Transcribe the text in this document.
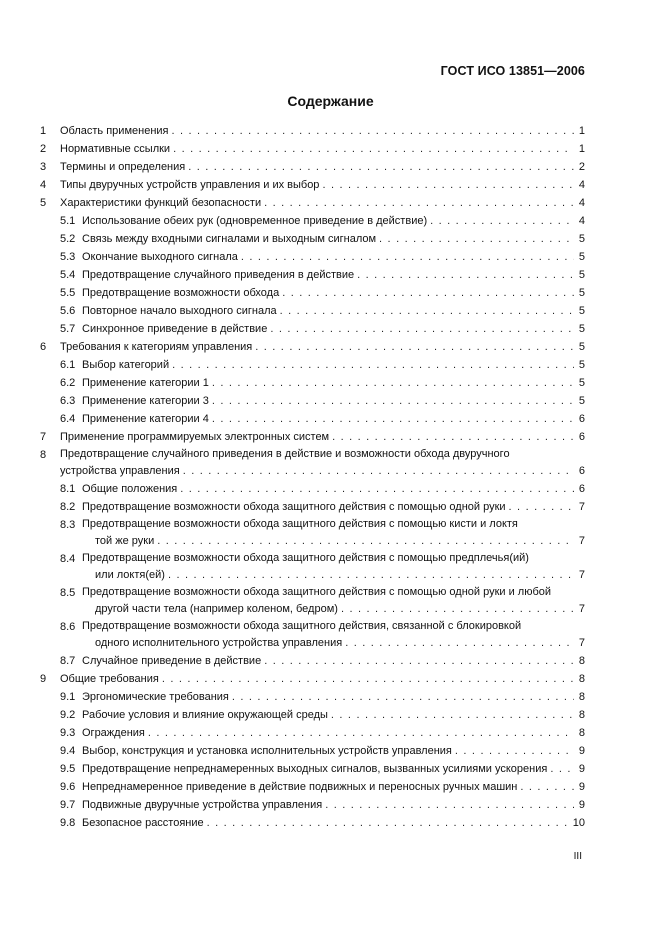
ГОСТ ИСО 13851—2006
Содержание
1 Область применения . . .	1
2 Нормативные ссылки . . .	1
3 Термины и определения . . .	2
4 Типы двуручных устройств управления и их выбор . . .	4
5 Характеристики функций безопасности . . .	4
5.1 Использование обеих рук (одновременное приведение в действие) . . .	4
5.2 Связь между входными сигналами и выходным сигналом . . .	5
5.3 Окончание выходного сигнала . . .	5
5.4 Предотвращение случайного приведения в действие . . .	5
5.5 Предотвращение возможности обхода . . .	5
5.6 Повторное начало выходного сигнала . . .	5
5.7 Синхронное приведение в действие . . .	5
6 Требования к категориям управления . . .	5
6.1 Выбор категорий . . .	5
6.2 Применение категории 1 . . .	5
6.3 Применение категории 3 . . .	5
6.4 Применение категории 4 . . .	6
7 Применение программируемых электронных систем . . .	6
8 Предотвращение случайного приведения в действие и возможности обхода двуручного
устройства управления . . .	6
8.1 Общие положения . . .	6
8.2 Предотвращение возможности обхода защитного действия с помощью одной руки . . .	7
8.3 Предотвращение возможности обхода защитного действия с помощью кисти и локтя
той же руки . . .	7
8.4 Предотвращение возможности обхода защитного действия с помощью предплечья(ий)
или локтя(ей) . . .	7
8.5 Предотвращение возможности обхода защитного действия с помощью одной руки и любой
другой части тела (например коленом, бедром) . . .	7
8.6 Предотвращение возможности обхода защитного действия, связанной с блокировкой
одного исполнительного устройства управления . . .	7
8.7 Случайное приведение в действие . . .	8
9 Общие требования . . .	8
9.1 Эргономические требования . . .	8
9.2 Рабочие условия и влияние окружающей среды . . .	8
9.3 Ограждения . . .	8
9.4 Выбор, конструкция и установка исполнительных устройств управления . . .	9
9.5 Предотвращение непреднамеренных выходных сигналов, вызванных усилиями ускорения . . .	9
9.6 Непреднамеренное приведение в действие подвижных и переносных ручных машин . . .	9
9.7 Подвижные двуручные устройства управления . . .	9
9.8 Безопасное расстояние . . .	10
III
